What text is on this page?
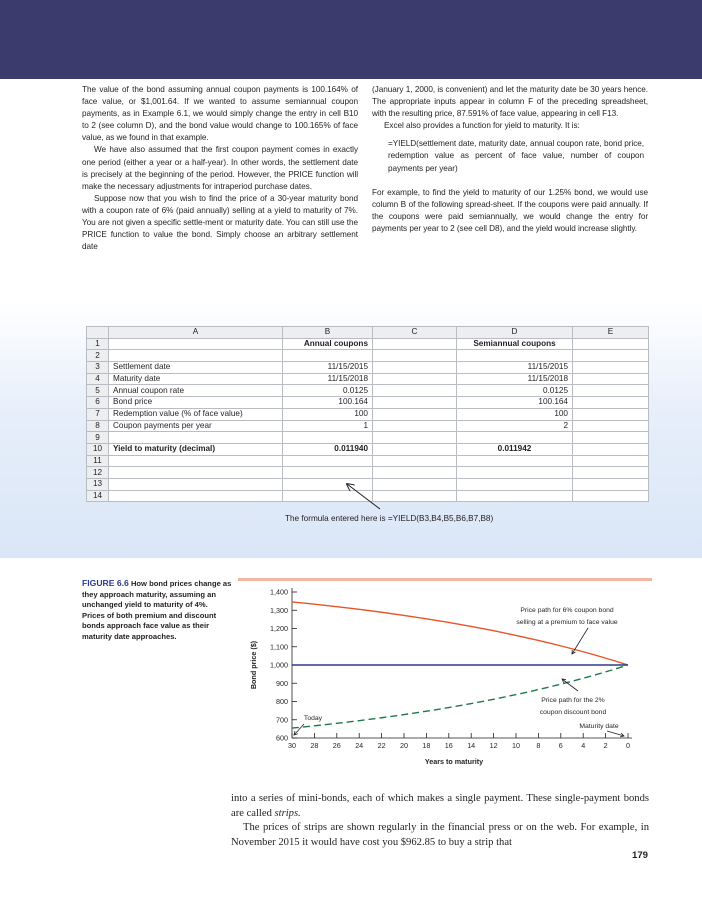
The value of the bond assuming annual coupon payments is 100.164% of face value, or $1,001.64. If we wanted to assume semiannual coupon payments, as in Example 6.1, we would simply change the entry in cell B10 to 2 (see column D), and the bond value would change to 100.165% of face value, as we found in that example.

We have also assumed that the first coupon payment comes in exactly one period (either a year or a half-year). In other words, the settlement date is precisely at the beginning of the period. However, the PRICE function will make the necessary adjustments for intraperiod purchase dates.

Suppose now that you wish to find the price of a 30-year maturity bond with a coupon rate of 6% (paid annually) selling at a yield to maturity of 7%. You are not given a specific settle-ment or maturity date. You can still use the PRICE function to value the bond. Simply choose an arbitrary settlement date

(January 1, 2000, is convenient) and let the maturity date be 30 years hence. The appropriate inputs appear in column F of the preceding spreadsheet, with the resulting price, 87.591% of face value, appearing in cell F13.

Excel also provides a function for yield to maturity. It is:

=YIELD(settlement date, maturity date, annual coupon rate, bond price, redemption value as percent of face value, number of coupon payments per year)

For example, to find the yield to maturity of our 1.25% bond, we would use column B of the following spread-sheet. If the coupons were paid annually. If the coupons were paid semiannually, we would change the entry for payments per year to 2 (see cell D8), and the yield would increase slightly.

	A	B	C	D	E
1		Annual coupons		Semiannual coupons	
2					
3	Settlement date	11/15/2015		11/15/2015	
4	Maturity date	11/15/2018		11/15/2018	
5	Annual coupon rate	0.0125		0.0125	
6	Bond price	100.164		100.164	
7	Redemption value (% of face value)	100		100	
8	Coupon payments per year	1		2	
9					
10	Yield to maturity (decimal)	0.011940		0.011942	
11					
12					
13					
14					
The formula entered here is =YIELD(B3,B4,B5,B6,B7,B8)
FIGURE 6.6 How bond prices change as they approach maturity, assuming an unchanged yield to maturity of 4%. Prices of both premium and discount bonds approach face value as their maturity date approaches.
600
700
800
900
1,000
1,100
1,200
1,300
1,400
Bond price ($)
30 28 26 24 22 20 18 16 14 12 10 8	6	4	2	0
Years to maturity
Price path for 6% coupon bond
selling at a premium to face value
Price path for the 2%
coupon discount bond
Maturity date
Today

into a series of mini-bonds, each of which makes a single payment. These single-payment bonds are called strips.

The prices of strips are shown regularly in the financial press or on the web. For example, in November 2015 it would have cost you $962.85 to buy a strip that

179
